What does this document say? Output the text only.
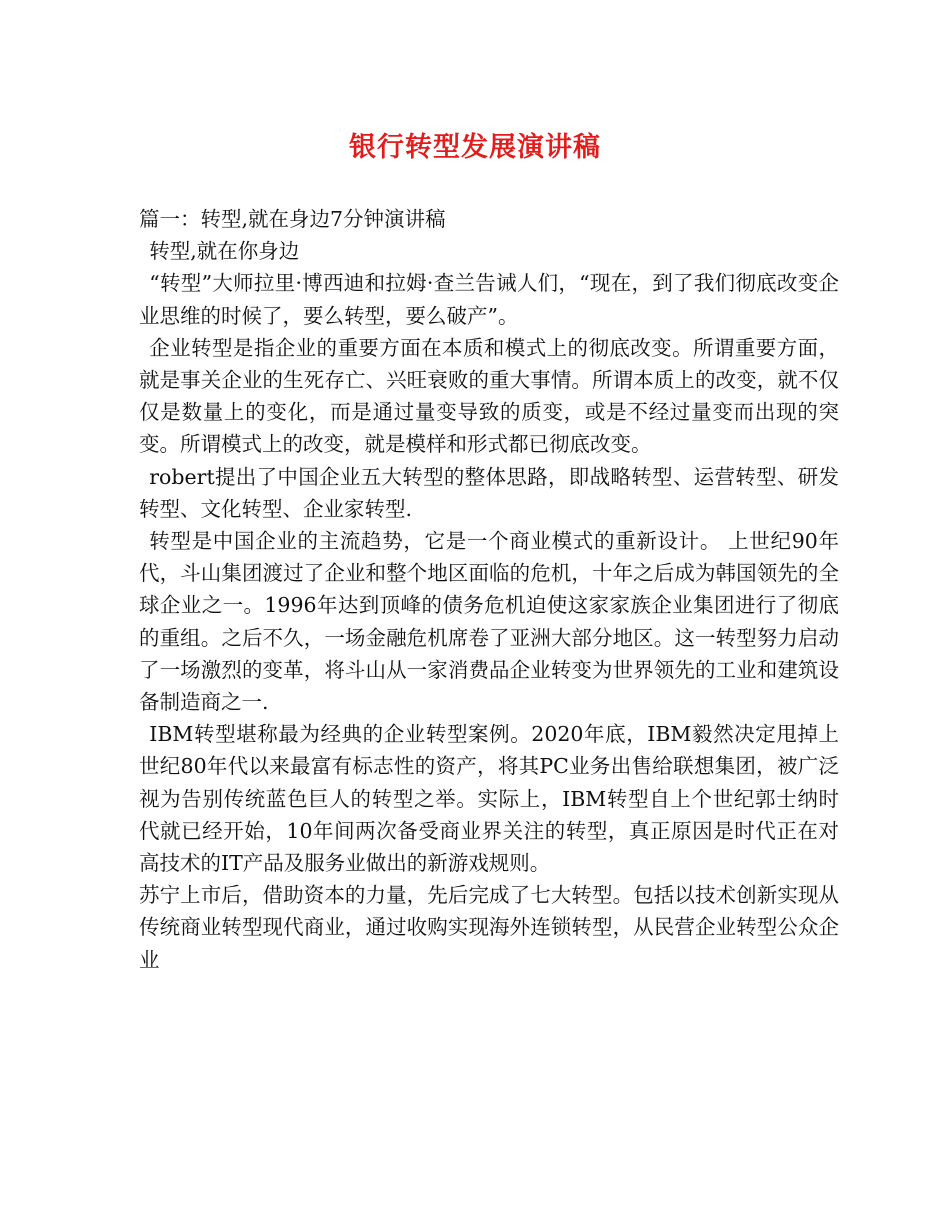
银行转型发展演讲稿

篇一：转型,就在身边7分钟演讲稿

转型,就在你身边

“转型”大师拉里·博西迪和拉姆·查兰告诫人们，“现在，到了我们彻底改变企业思维的时候了，要么转型，要么破产”。

企业转型是指企业的重要方面在本质和模式上的彻底改变。所谓重要方面，就是事关企业的生死存亡、兴旺衰败的重大事情。所谓本质上的改变，就不仅仅是数量上的变化，而是通过量变导致的质变，或是不经过量变而出现的突变。所谓模式上的改变，就是模样和形式都已彻底改变。

robert提出了中国企业五大转型的整体思路，即战略转型、运营转型、研发转型、文化转型、企业家转型.

转型是中国企业的主流趋势，它是一个商业模式的重新设计。 上世纪90年代，斗山集团渡过了企业和整个地区面临的危机，十年之后成为韩国领先的全球企业之一。1996年达到顶峰的债务危机迫使这家家族企业集团进行了彻底的重组。之后不久，一场金融危机席卷了亚洲大部分地区。这一转型努力启动了一场激烈的变革，将斗山从一家消费品企业转变为世界领先的工业和建筑设备制造商之一.

IBM转型堪称最为经典的企业转型案例。2020年底，IBM毅然决定甩掉上世纪80年代以来最富有标志性的资产，将其PC业务出售给联想集团，被广泛视为告别传统蓝色巨人的转型之举。实际上，IBM转型自上个世纪郭士纳时代就已经开始，10年间两次备受商业界关注的转型，真正原因是时代正在对高技术的IT产品及服务业做出的新游戏规则。

苏宁上市后，借助资本的力量，先后完成了七大转型。包括以技术创新实现从传统商业转型现代商业，通过收购实现海外连锁转型，从民营企业转型公众企业
